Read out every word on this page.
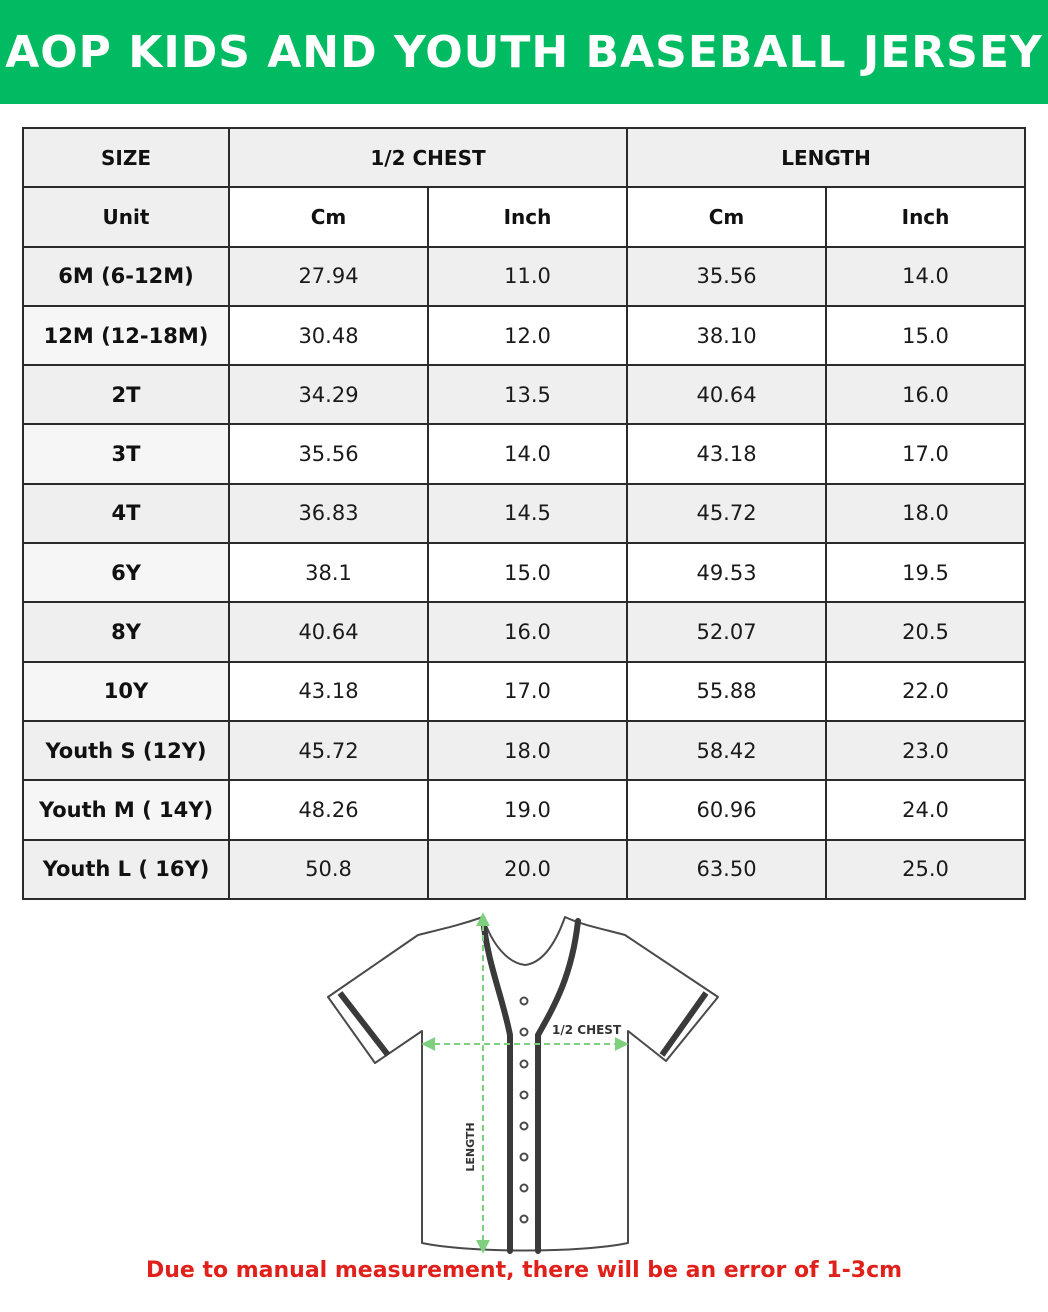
AOP KIDS AND YOUTH BASEBALL JERSEY
SIZE	1/2 CHEST		LENGTH	
Unit	Cm	Inch	Cm	Inch
6M (6-12M)	27.94	11.0	35.56	14.0
12M (12-18M)	30.48	12.0	38.10	15.0
2T	34.29	13.5	40.64	16.0
3T	35.56	14.0	43.18	17.0
4T	36.83	14.5	45.72	18.0
6Y	38.1	15.0	49.53	19.5
8Y	40.64	16.0	52.07	20.5
10Y	43.18	17.0	55.88	22.0
Youth S (12Y)	45.72	18.0	58.42	23.0
Youth M ( 14Y)	48.26	19.0	60.96	24.0
Youth L ( 16Y)	50.8	20.0	63.50	25.0
1/2 CHEST
LENGTH
Due to manual measurement, there will be an error of 1-3cm
